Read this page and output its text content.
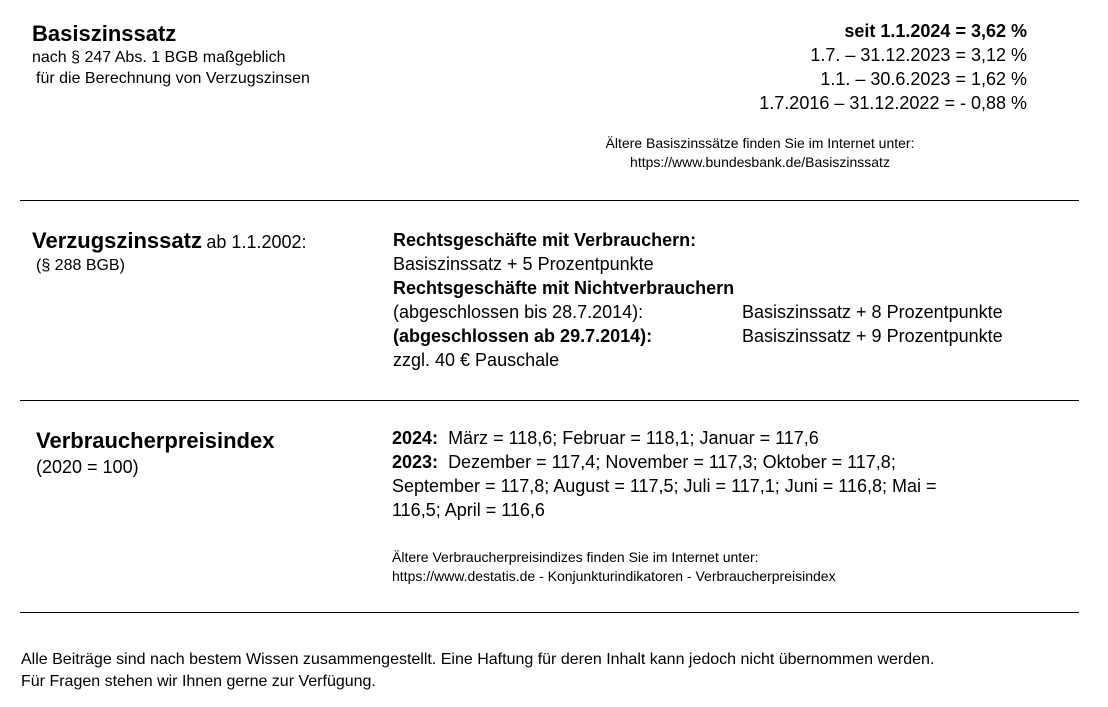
Basiszinssatz
nach § 247 Abs. 1 BGB maßgeblich
für die Berechnung von Verzugszinsen
seit 1.1.2024 = 3,62 %
1.7. – 31.12.2023 = 3,12 %
1.1. – 30.6.2023 = 1,62 %
1.7.2016 – 31.12.2022 = - 0,88 %
Ältere Basiszinssätze finden Sie im Internet unter:
https://www.bundesbank.de/Basiszinssatz
Verzugszinssatz ab 1.1.2002:
(§ 288 BGB)
Rechtsgeschäfte mit Verbrauchern:
Basiszinssatz + 5 Prozentpunkte
Rechtsgeschäfte mit Nichtverbrauchern
(abgeschlossen bis 28.7.2014):	Basiszinssatz + 8 Prozentpunkte
(abgeschlossen ab 29.7.2014):	Basiszinssatz + 9 Prozentpunkte
zzgl. 40 € Pauschale
Verbraucherpreisindex
(2020 = 100)
2024: März = 118,6; Februar = 118,1; Januar = 117,6
2023: Dezember = 117,4; November = 117,3; Oktober = 117,8;
September = 117,8; August = 117,5; Juli = 117,1; Juni = 116,8; Mai =
116,5; April = 116,6
Ältere Verbraucherpreisindizes finden Sie im Internet unter:
https://www.destatis.de - Konjunkturindikatoren - Verbraucherpreisindex
Alle Beiträge sind nach bestem Wissen zusammengestellt. Eine Haftung für deren Inhalt kann jedoch nicht übernommen werden.
Für Fragen stehen wir Ihnen gerne zur Verfügung.
